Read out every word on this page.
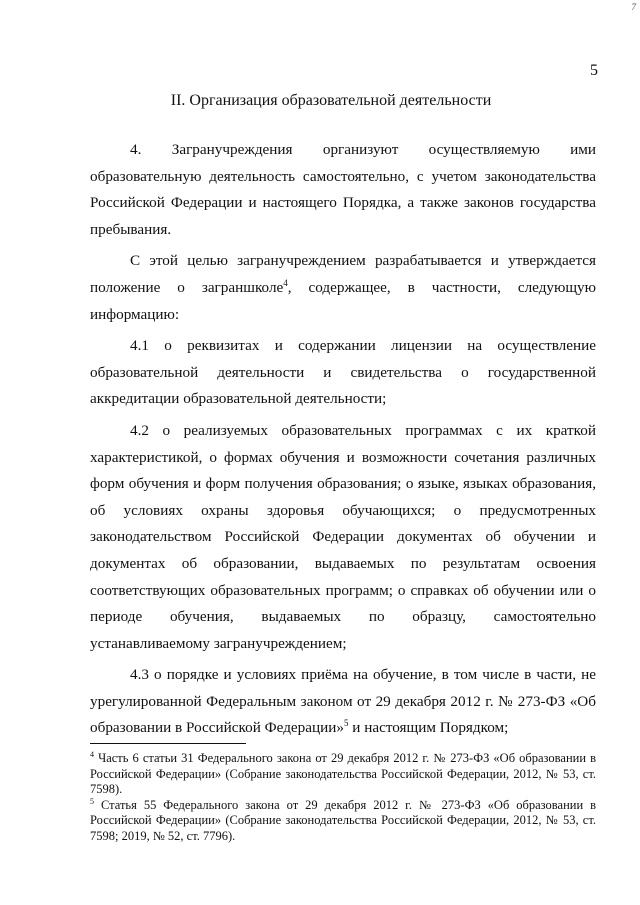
7
5
II. Организация образовательной деятельности

4. Загранучреждения организуют осуществляемую ими образовательную деятельность самостоятельно, с учетом законодательства Российской Федерации и настоящего Порядка, а также законов государства пребывания.

С этой целью загранучреждением разрабатывается и утверждается положение о заграншколе$^4$, содержащее, в частности, следующую информацию:

4.1 о реквизитах и содержании лицензии на осуществление образовательной деятельности и свидетельства о государственной аккредитации образовательной деятельности;

4.2 о реализуемых образовательных программах с их краткой характеристикой, о формах обучения и возможности сочетания различных форм обучения и форм получения образования; о языке, языках образования, об условиях охраны здоровья обучающихся; о предусмотренных законодательством Российской Федерации документах об обучении и документах об образовании, выдаваемых по результатам освоения соответствующих образовательных программ; о справках об обучении или о периоде обучения, выдаваемых по образцу, самостоятельно устанавливаемому загранучреждением;

4.3 о порядке и условиях приёма на обучение, в том числе в части, не урегулированной Федеральным законом от 29 декабря 2012 г. № 273-ФЗ «Об образовании в Российской Федерации»$^5$ и настоящим Порядком;

$^4$ Часть 6 статьи 31 Федерального закона от 29 декабря 2012 г. № 273-ФЗ «Об образовании в Российской Федерации» (Собрание законодательства Российской Федерации, 2012, № 53, ст. 7598).

$^5$ Статья 55 Федерального закона от 29 декабря 2012 г. № 273-ФЗ «Об образовании в Российской Федерации» (Собрание законодательства Российской Федерации, 2012, № 53, ст. 7598; 2019, № 52, ст. 7796).
